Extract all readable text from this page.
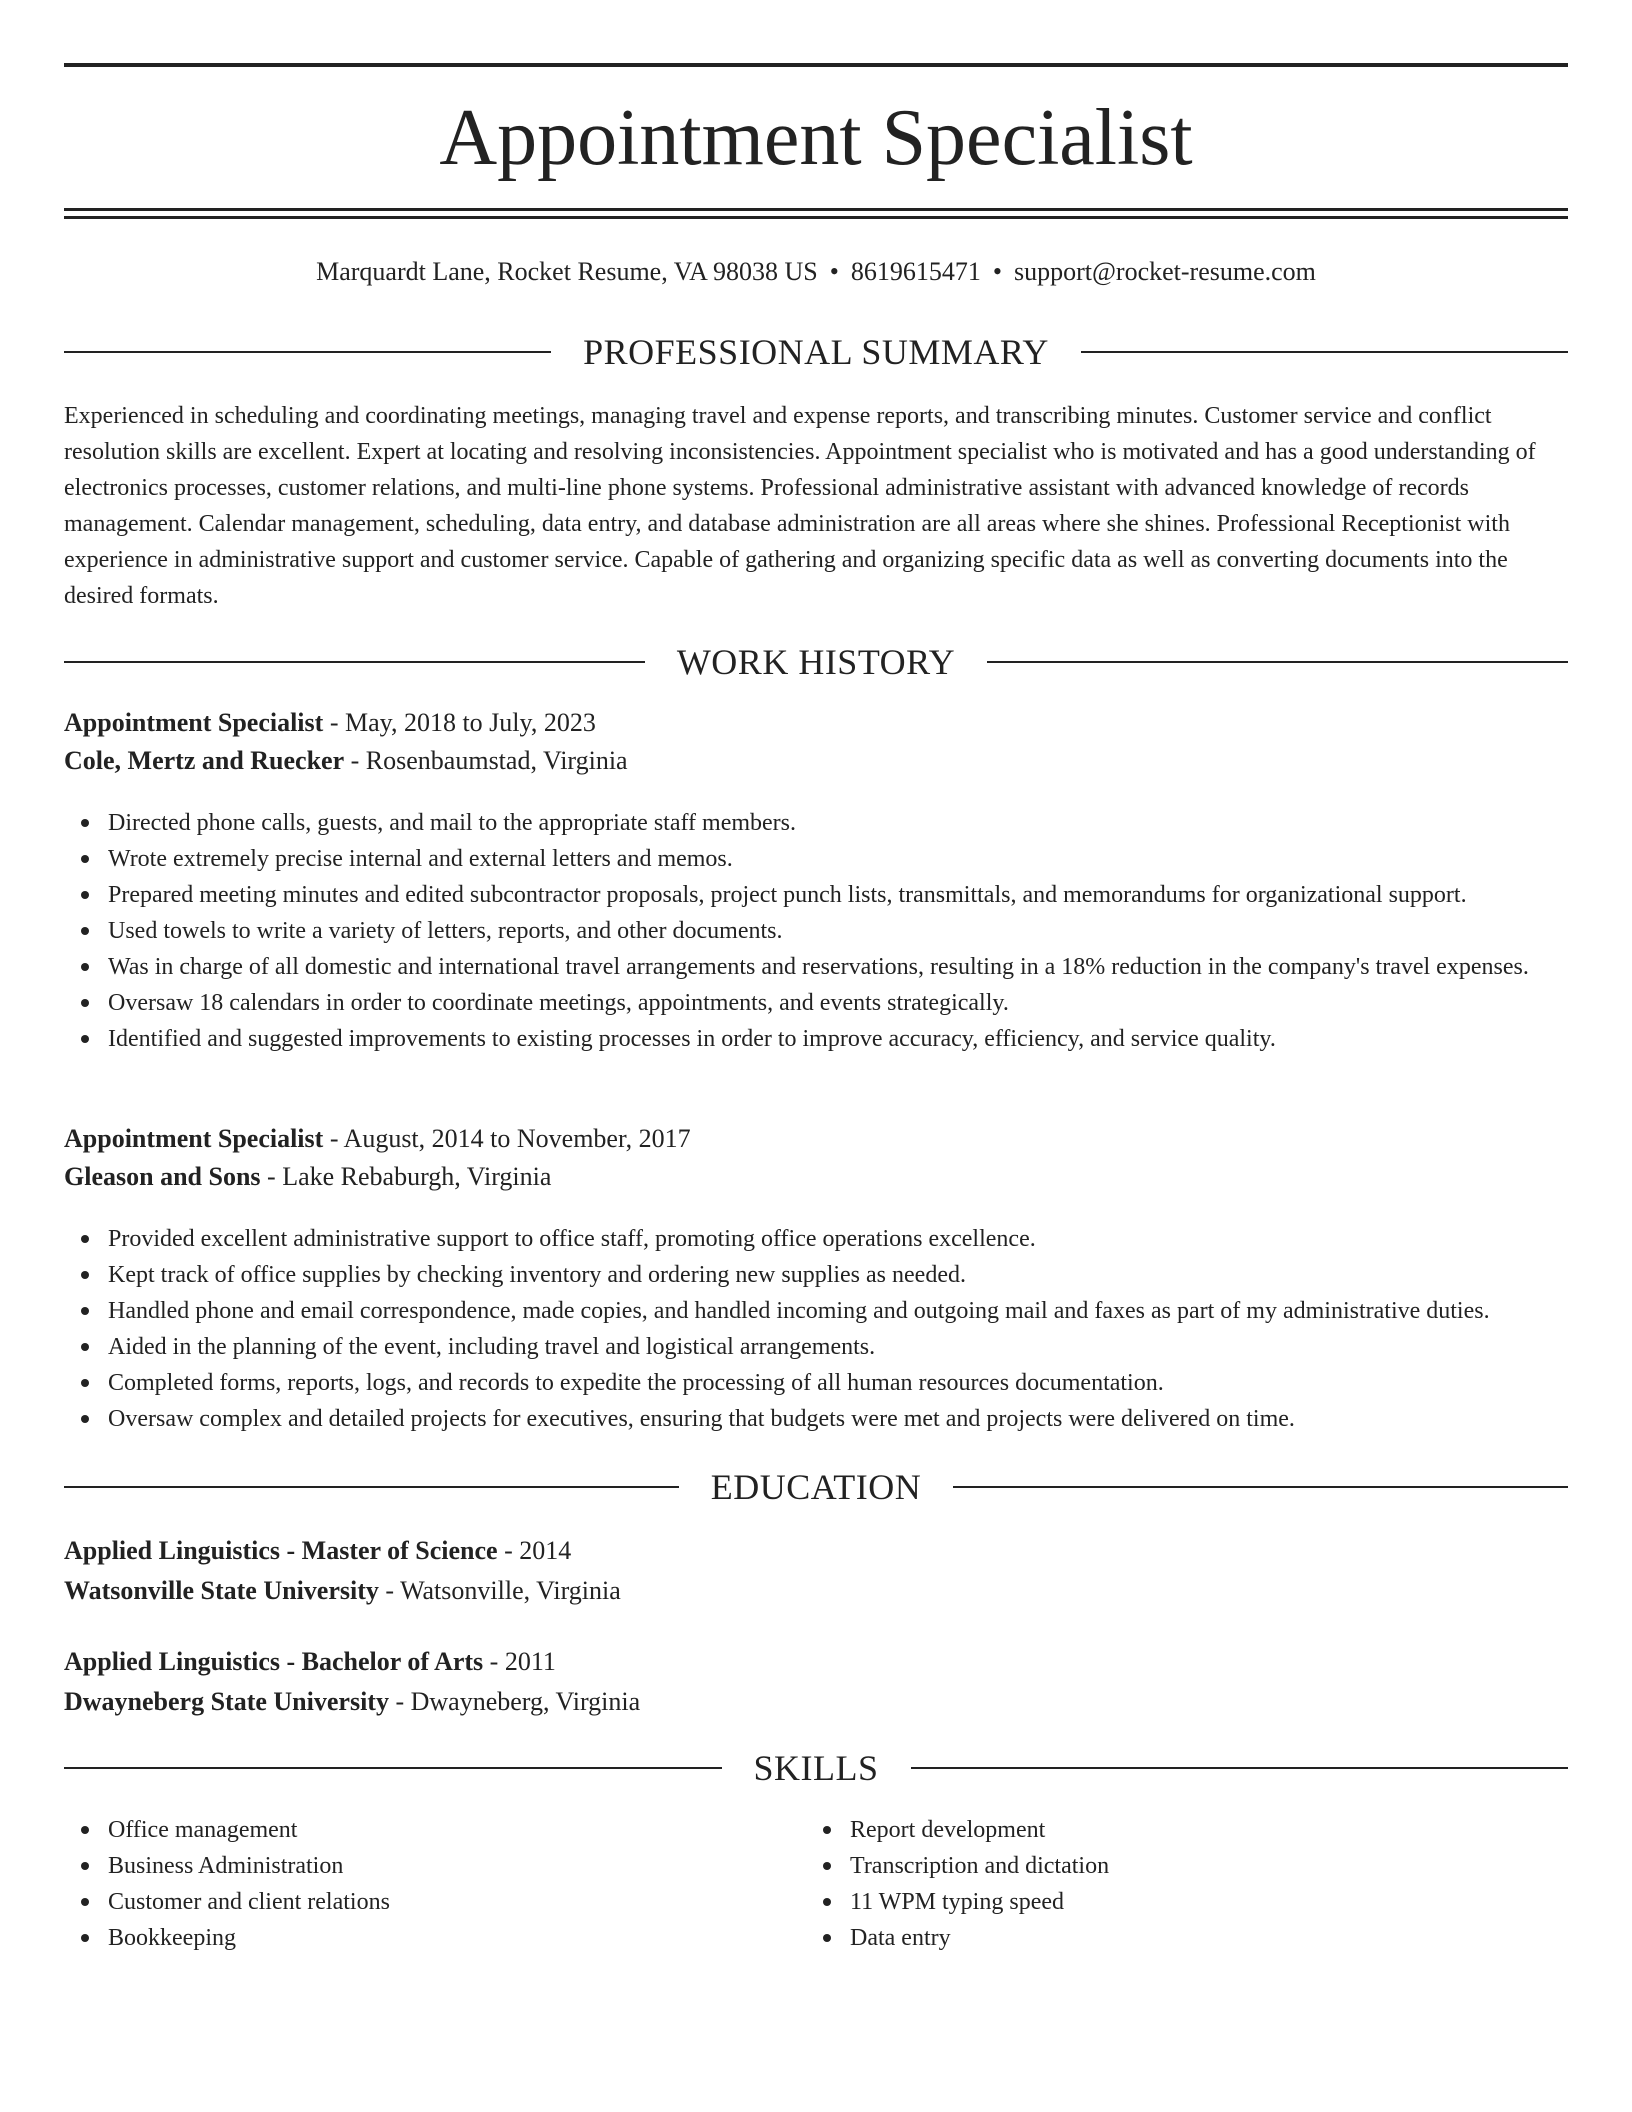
Appointment Specialist
Marquardt Lane, Rocket Resume, VA 98038 US • 8619615471 • support@rocket-resume.com
PROFESSIONAL SUMMARY

Experienced in scheduling and coordinating meetings, managing travel and expense reports, and transcribing minutes. Customer service and conflict resolution skills are excellent. Expert at locating and resolving inconsistencies. Appointment specialist who is motivated and has a good understanding of electronics processes, customer relations, and multi-line phone systems. Professional administrative assistant with advanced knowledge of records management. Calendar management, scheduling, data entry, and database administration are all areas where she shines. Professional Receptionist with experience in administrative support and customer service. Capable of gathering and organizing specific data as well as converting documents into the desired formats.

WORK HISTORY
Appointment Specialist - May, 2018 to July, 2023
Cole, Mertz and Ruecker - Rosenbaumstad, Virginia
Directed phone calls, guests, and mail to the appropriate staff members.
Wrote extremely precise internal and external letters and memos.
Prepared meeting minutes and edited subcontractor proposals, project punch lists, transmittals, and memorandums for organizational support.
Used towels to write a variety of letters, reports, and other documents.
Was in charge of all domestic and international travel arrangements and reservations, resulting in a 18% reduction in the company's travel expenses.
Oversaw 18 calendars in order to coordinate meetings, appointments, and events strategically.
Identified and suggested improvements to existing processes in order to improve accuracy, efficiency, and service quality.
Appointment Specialist - August, 2014 to November, 2017
Gleason and Sons - Lake Rebaburgh, Virginia
Provided excellent administrative support to office staff, promoting office operations excellence.
Kept track of office supplies by checking inventory and ordering new supplies as needed.
Handled phone and email correspondence, made copies, and handled incoming and outgoing mail and faxes as part of my administrative duties.
Aided in the planning of the event, including travel and logistical arrangements.
Completed forms, reports, logs, and records to expedite the processing of all human resources documentation.
Oversaw complex and detailed projects for executives, ensuring that budgets were met and projects were delivered on time.
EDUCATION
Applied Linguistics - Master of Science - 2014
Watsonville State University - Watsonville, Virginia
Applied Linguistics - Bachelor of Arts - 2011
Dwayneberg State University - Dwayneberg, Virginia
SKILLS
Office management
Business Administration
Customer and client relations
Bookkeeping
Report development
Transcription and dictation
11 WPM typing speed
Data entry
